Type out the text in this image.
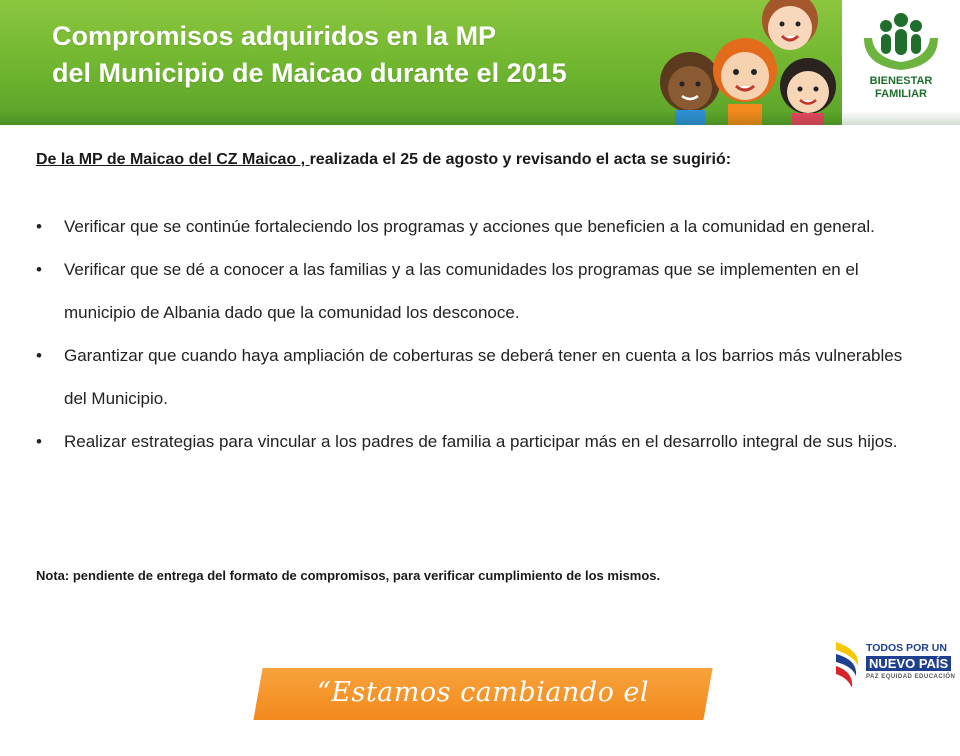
Compromisos adquiridos en la MP
del Municipio de Maicao durante el 2015	BIENESTAR
FAMILIAR
De la MP de Maicao del CZ Maicao , realizada el 25 de agosto y revisando el acta se sugirió:
• Verificar que se continúe fortaleciendo los programas y acciones que beneficien a la comunidad en general.
• Verificar que se dé a conocer a las familias y a las comunidades los programas que se implementen en el municipio de Albania dado que la comunidad los desconoce.
• Garantizar que cuando haya ampliación de coberturas se deberá tener en cuenta a los barrios más vulnerables del Municipio.
• Realizar estrategias para vincular a los padres de familia a participar más en el desarrollo integral de sus hijos.
Nota: pendiente de entrega del formato de compromisos, para verificar cumplimiento de los mismos.
“Estamos cambiando el mundo”
TODOS POR UN
NUEVO PAÍS
PAZ EQUIDAD EDUCACIÓN
